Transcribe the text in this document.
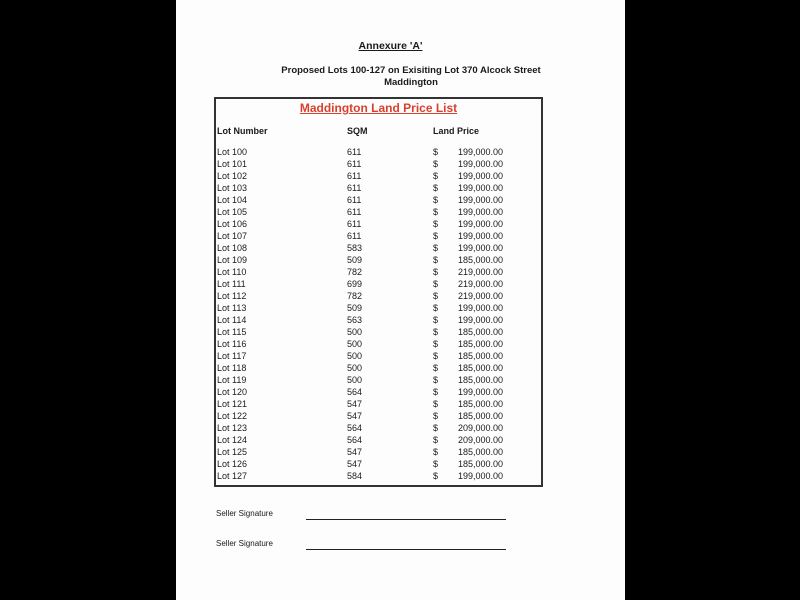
Annexure 'A'
Proposed Lots 100-127 on Exisiting Lot 370 Alcock Street
Maddington
Maddington Land Price List
Lot Number	SQM	Land Price
Lot 100	611	$	199,000.00
Lot 101	611	$	199,000.00
Lot 102	611	$	199,000.00
Lot 103	611	$	199,000.00
Lot 104	611	$	199,000.00
Lot 105	611	$	199,000.00
Lot 106	611	$	199,000.00
Lot 107	611	$	199,000.00
Lot 108	583	$	199,000.00
Lot 109	509	$	185,000.00
Lot 110	782	$	219,000.00
Lot 111	699	$	219,000.00
Lot 112	782	$	219,000.00
Lot 113	509	$	199,000.00
Lot 114	563	$	199,000.00
Lot 115	500	$	185,000.00
Lot 116	500	$	185,000.00
Lot 117	500	$	185,000.00
Lot 118	500	$	185,000.00
Lot 119	500	$	185,000.00
Lot 120	564	$	199,000.00
Lot 121	547	$	185,000.00
Lot 122	547	$	185,000.00
Lot 123	564	$	209,000.00
Lot 124	564	$	209,000.00
Lot 125	547	$	185,000.00
Lot 126	547	$	185,000.00
Lot 127	584	$	199,000.00
Seller Signature
Seller Signature
